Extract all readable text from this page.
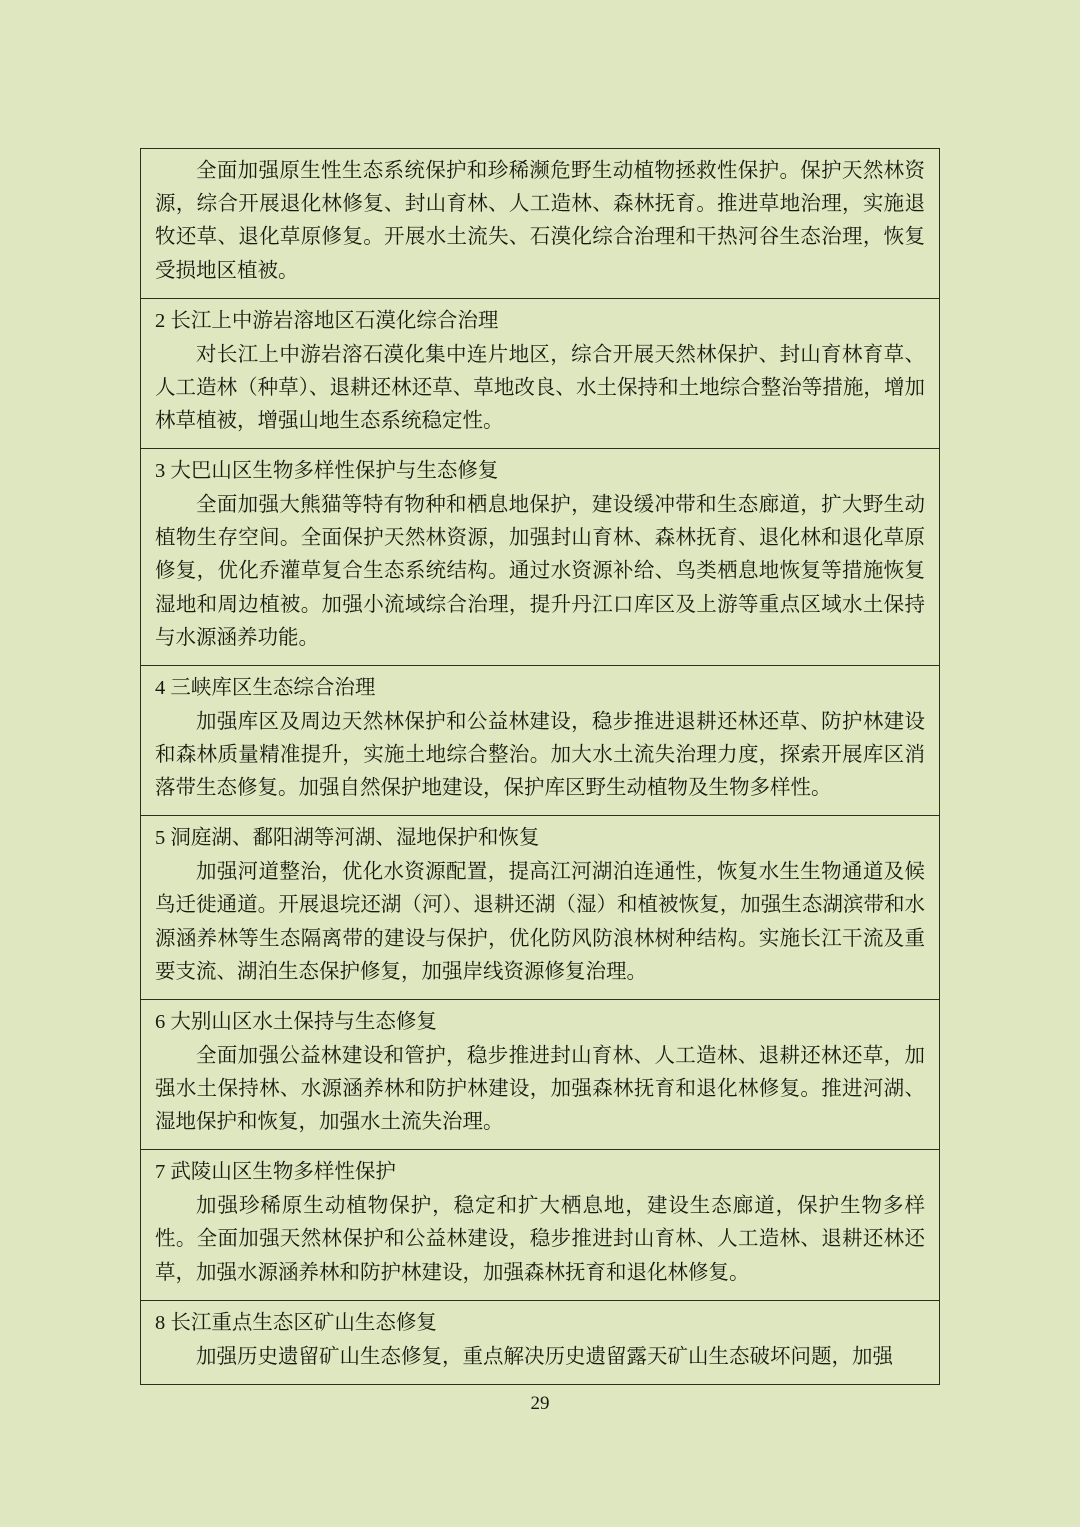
全面加强原生性生态系统保护和珍稀濒危野生动植物拯救性保护。保护天然林资源，综合开展退化林修复、封山育林、人工造林、森林抚育。推进草地治理，实施退牧还草、退化草原修复。开展水土流失、石漠化综合治理和干热河谷生态治理，恢复受损地区植被。

2 长江上中游岩溶地区石漠化综合治理
对长江上中游岩溶石漠化集中连片地区，综合开展天然林保护、封山育林育草、人工造林（种草）、退耕还林还草、草地改良、水土保持和土地综合整治等措施，增加林草植被，增强山地生态系统稳定性。

3 大巴山区生物多样性保护与生态修复
全面加强大熊猫等特有物种和栖息地保护，建设缓冲带和生态廊道，扩大野生动植物生存空间。全面保护天然林资源，加强封山育林、森林抚育、退化林和退化草原修复，优化乔灌草复合生态系统结构。通过水资源补给、鸟类栖息地恢复等措施恢复湿地和周边植被。加强小流域综合治理，提升丹江口库区及上游等重点区域水土保持与水源涵养功能。

4 三峡库区生态综合治理
加强库区及周边天然林保护和公益林建设，稳步推进退耕还林还草、防护林建设和森林质量精准提升，实施土地综合整治。加大水土流失治理力度，探索开展库区消落带生态修复。加强自然保护地建设，保护库区野生动植物及生物多样性。

5 洞庭湖、鄱阳湖等河湖、湿地保护和恢复
加强河道整治，优化水资源配置，提高江河湖泊连通性，恢复水生生物通道及候鸟迁徙通道。开展退垸还湖（河）、退耕还湖（湿）和植被恢复，加强生态湖滨带和水源涵养林等生态隔离带的建设与保护，优化防风防浪林树种结构。实施长江干流及重要支流、湖泊生态保护修复，加强岸线资源修复治理。

6 大别山区水土保持与生态修复
全面加强公益林建设和管护，稳步推进封山育林、人工造林、退耕还林还草，加强水土保持林、水源涵养林和防护林建设，加强森林抚育和退化林修复。推进河湖、湿地保护和恢复，加强水土流失治理。

7 武陵山区生物多样性保护
加强珍稀原生动植物保护，稳定和扩大栖息地，建设生态廊道，保护生物多样性。全面加强天然林保护和公益林建设，稳步推进封山育林、人工造林、退耕还林还草，加强水源涵养林和防护林建设，加强森林抚育和退化林修复。

8 长江重点生态区矿山生态修复
加强历史遗留矿山生态修复，重点解决历史遗留露天矿山生态破坏问题，加强
29
